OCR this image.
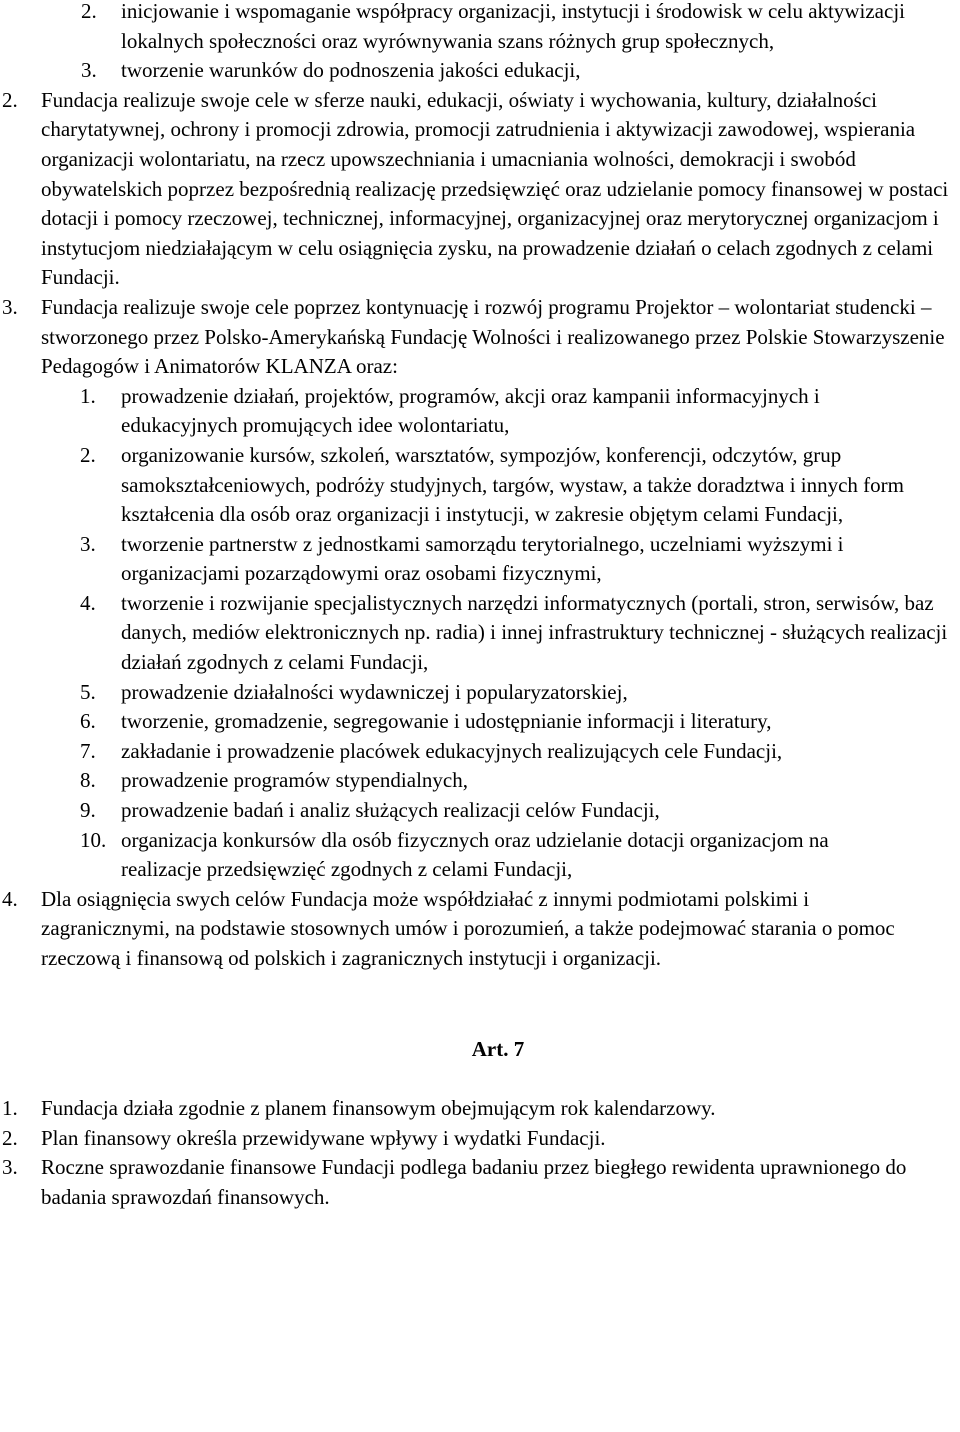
2.	inicjowanie i wspomaganie współpracy organizacji, instytucji i środowisk w celu aktywizacji lokalnych społeczności oraz wyrównywania szans różnych grup społecznych,
3.	tworzenie warunków do podnoszenia jakości edukacji,
2.	Fundacja realizuje swoje cele w sferze nauki, edukacji, oświaty i wychowania, kultury, działalności charytatywnej, ochrony i promocji zdrowia, promocji zatrudnienia i aktywizacji zawodowej, wspierania organizacji wolontariatu, na rzecz upowszechniania i umacniania wolności, demokracji i swobód obywatelskich poprzez bezpośrednią realizację przedsięwzięć oraz udzielanie pomocy finansowej w postaci dotacji i pomocy rzeczowej, technicznej, informacyjnej, organizacyjnej oraz merytorycznej organizacjom i instytucjom niedziałającym w celu osiągnięcia zysku, na prowadzenie działań o celach zgodnych z celami Fundacji.
3.	Fundacja realizuje swoje cele poprzez kontynuację i rozwój programu Projektor – wolontariat studencki – stworzonego przez Polsko-Amerykańską Fundację Wolności i realizowanego przez Polskie Stowarzyszenie Pedagogów i Animatorów KLANZA oraz:
1.	prowadzenie działań, projektów, programów, akcji oraz kampanii informacyjnych i edukacyjnych promujących idee wolontariatu,
2.	organizowanie kursów, szkoleń, warsztatów, sympozjów, konferencji, odczytów, grup samokształceniowych, podróży studyjnych, targów, wystaw, a także doradztwa i innych form kształcenia dla osób oraz organizacji i instytucji, w zakresie objętym celami Fundacji,
3.	tworzenie partnerstw z jednostkami samorządu terytorialnego, uczelniami wyższymi i organizacjami pozarządowymi oraz osobami fizycznymi,
4.	tworzenie i rozwijanie specjalistycznych narzędzi informatycznych (portali, stron, serwisów, baz danych, mediów elektronicznych np. radia) i innej infrastruktury technicznej - służących realizacji działań zgodnych z celami Fundacji,
5.	prowadzenie działalności wydawniczej i popularyzatorskiej,
6.	tworzenie, gromadzenie, segregowanie i udostępnianie informacji i literatury,
7.	zakładanie i prowadzenie placówek edukacyjnych realizujących cele Fundacji,
8.	prowadzenie programów stypendialnych,
9.	prowadzenie badań i analiz służących realizacji celów Fundacji,
10. organizacja konkursów dla osób fizycznych oraz udzielanie dotacji organizacjom na realizacje przedsięwzięć zgodnych z celami Fundacji,
4.	Dla osiągnięcia swych celów Fundacja może współdziałać z innymi podmiotami polskimi i zagranicznymi, na podstawie stosownych umów i porozumień, a także podejmować starania o pomoc rzeczową i finansową od polskich i zagranicznych instytucji i organizacji.
Art. 7
1.	Fundacja działa zgodnie z planem finansowym obejmującym rok kalendarzowy.
2.	Plan finansowy określa przewidywane wpływy i wydatki Fundacji.
3.	Roczne sprawozdanie finansowe Fundacji podlega badaniu przez biegłego rewidenta uprawnionego do badania sprawozdań finansowych.
